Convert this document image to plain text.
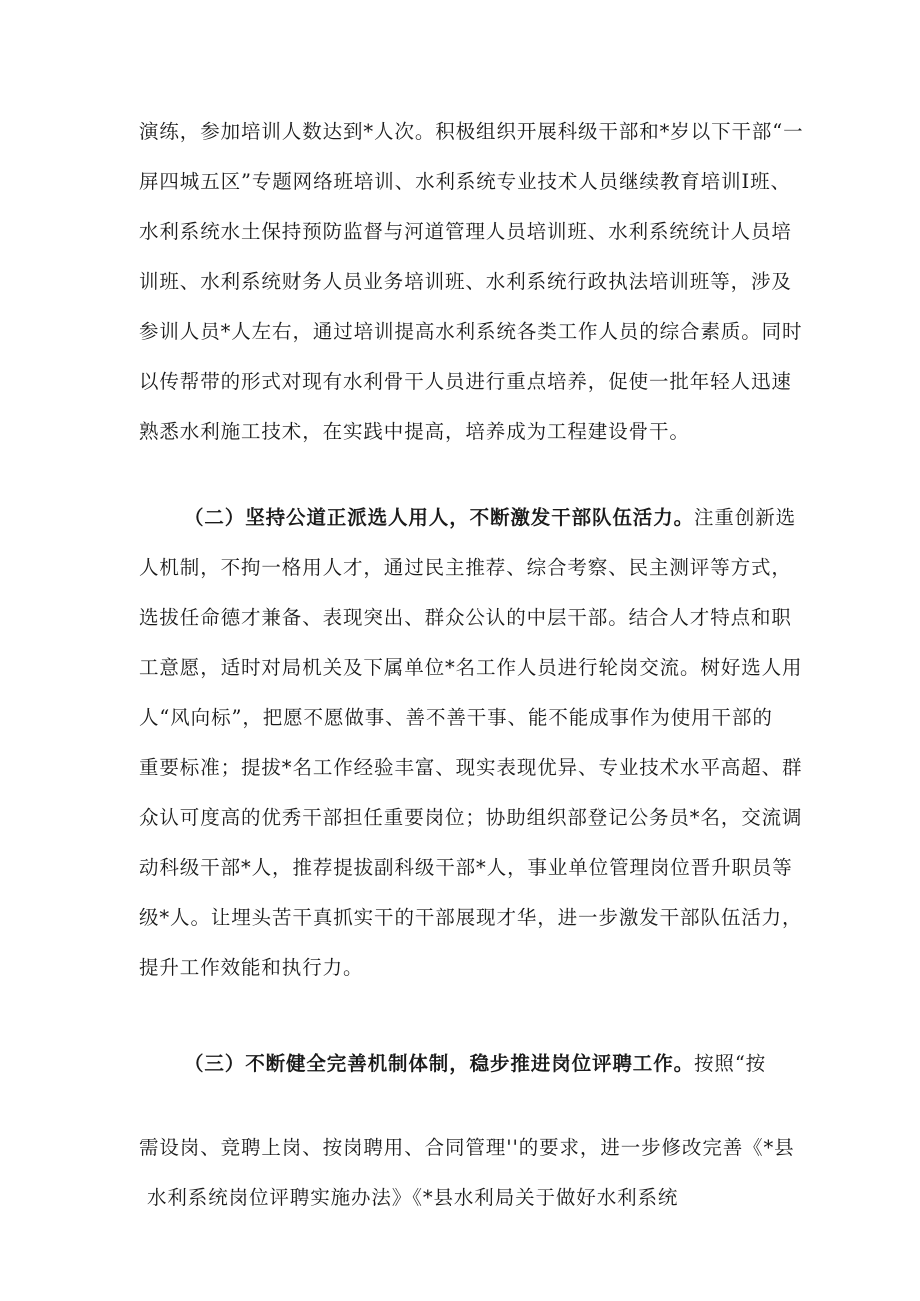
演练，参加培训人数达到*人次。积极组织开展科级干部和*岁以下干部“一
屏四城五区”专题网络班培训、水利系统专业技术人员继续教育培训Ⅰ班、
水利系统水土保持预防监督与河道管理人员培训班、水利系统统计人员培
训班、水利系统财务人员业务培训班、水利系统行政执法培训班等，涉及
参训人员*人左右，通过培训提高水利系统各类工作人员的综合素质。同时
以传帮带的形式对现有水利骨干人员进行重点培养，促使一批年轻人迅速
熟悉水利施工技术，在实践中提高，培养成为工程建设骨干。
（二）坚持公道正派选人用人，不断激发干部队伍活力。注重创新选
人机制，不拘一格用人才，通过民主推荐、综合考察、民主测评等方式，
选拔任命德才兼备、表现突出、群众公认的中层干部。结合人才特点和职
工意愿，适时对局机关及下属单位*名工作人员进行轮岗交流。树好选人用
人“风向标”，把愿不愿做事、善不善干事、能不能成事作为使用干部的
重要标准；提拔*名工作经验丰富、现实表现优异、专业技术水平高超、群
众认可度高的优秀干部担任重要岗位；协助组织部登记公务员*名，交流调
动科级干部*人，推荐提拔副科级干部*人，事业单位管理岗位晋升职员等
级*人。让埋头苦干真抓实干的干部展现才华，进一步激发干部队伍活力，
提升工作效能和执行力。
（三）不断健全完善机制体制，稳步推进岗位评聘工作。按照“按
需设岗、竞聘上岗、按岗聘用、合同管理''的要求，进一步修改完善《*县
水利系统岗位评聘实施办法》《*县水利局关于做好水利系统
